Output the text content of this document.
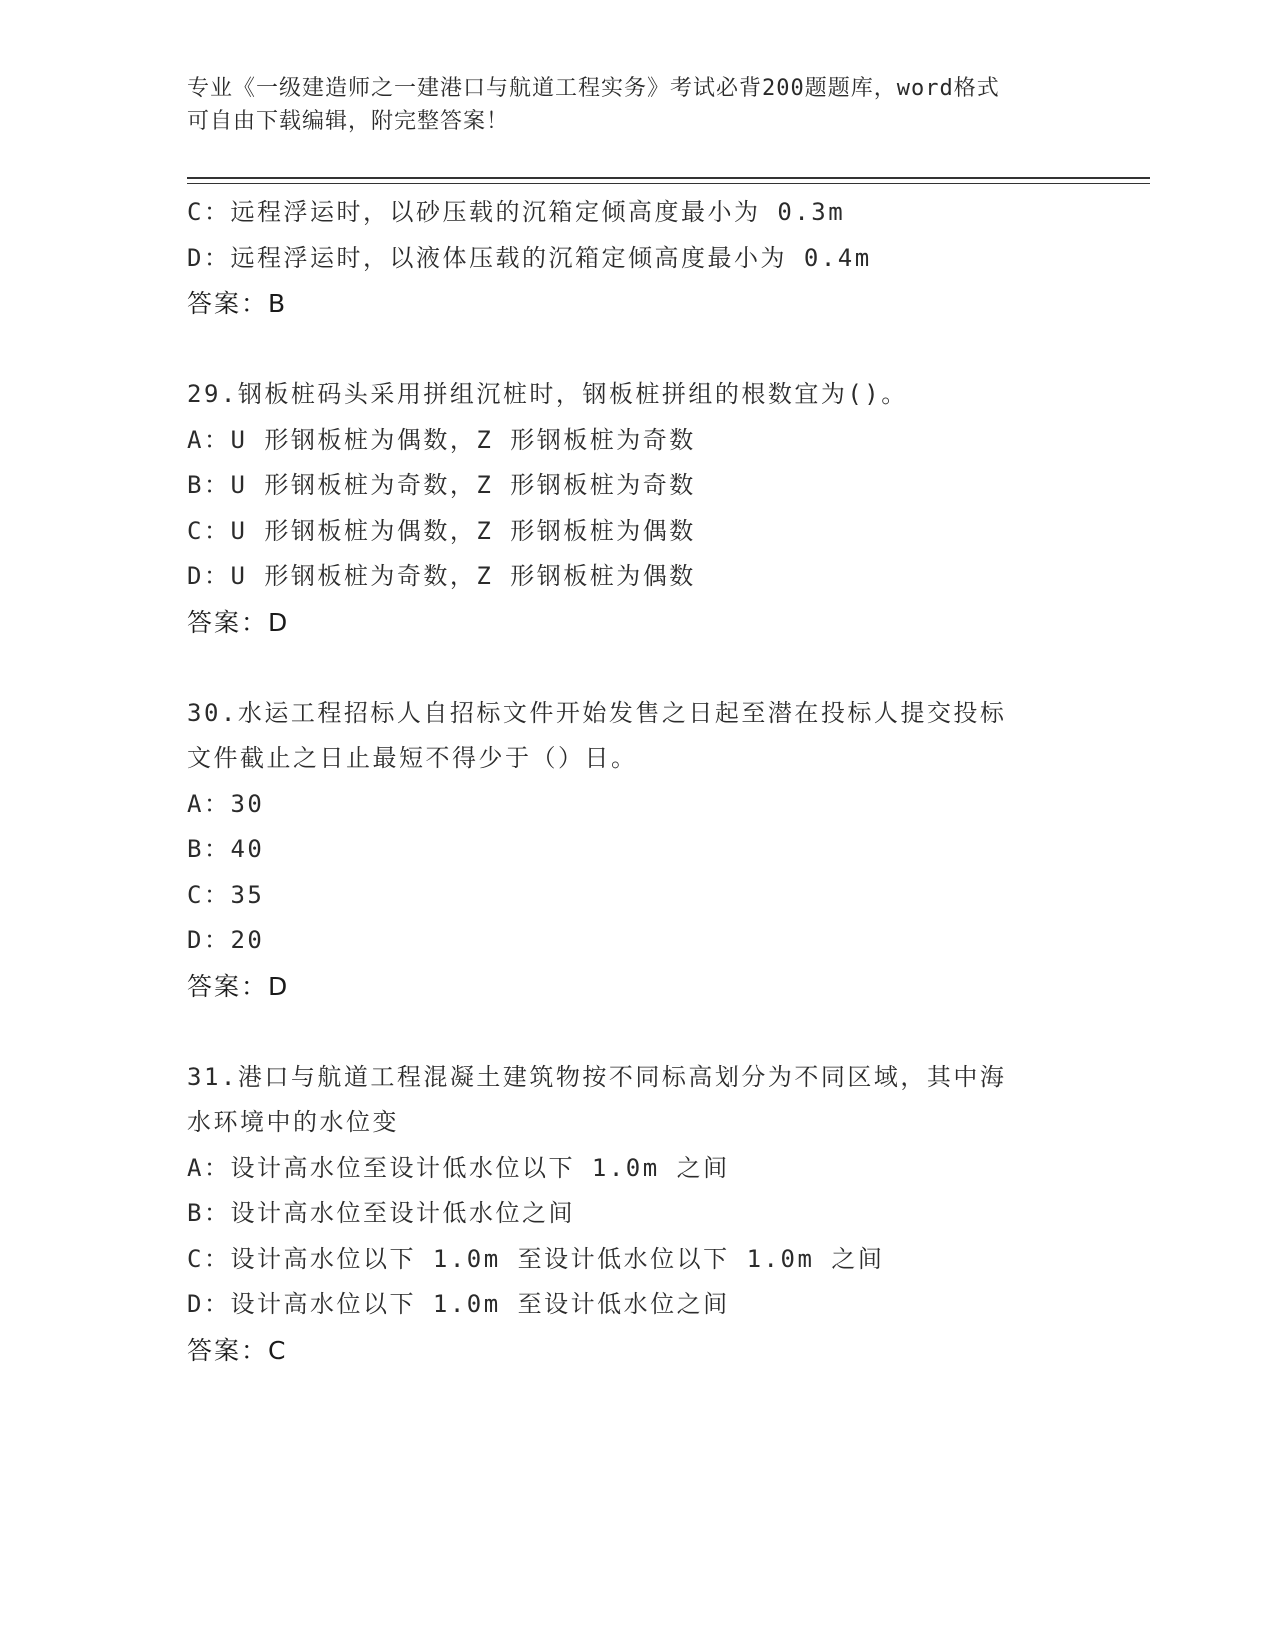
专业《一级建造师之一建港口与航道工程实务》考试必背200题题库，word格式
可自由下载编辑，附完整答案！
C：远程浮运时，以砂压载的沉箱定倾高度最小为 0.3m
D：远程浮运时，以液体压载的沉箱定倾高度最小为 0.4m
答案：B
29.钢板桩码头采用拼组沉桩时，钢板桩拼组的根数宜为()。
A：U 形钢板桩为偶数，Z 形钢板桩为奇数
B：U 形钢板桩为奇数，Z 形钢板桩为奇数
C：U 形钢板桩为偶数，Z 形钢板桩为偶数
D：U 形钢板桩为奇数，Z 形钢板桩为偶数
答案：D
30.水运工程招标人自招标文件开始发售之日起至潜在投标人提交投标
文件截止之日止最短不得少于（）日。
A：30
B：40
C：35
D：20
答案：D
31.港口与航道工程混凝土建筑物按不同标高划分为不同区域，其中海
水环境中的水位变
A：设计高水位至设计低水位以下 1.0m 之间
B：设计高水位至设计低水位之间
C：设计高水位以下 1.0m 至设计低水位以下 1.0m 之间
D：设计高水位以下 1.0m 至设计低水位之间
答案：C
